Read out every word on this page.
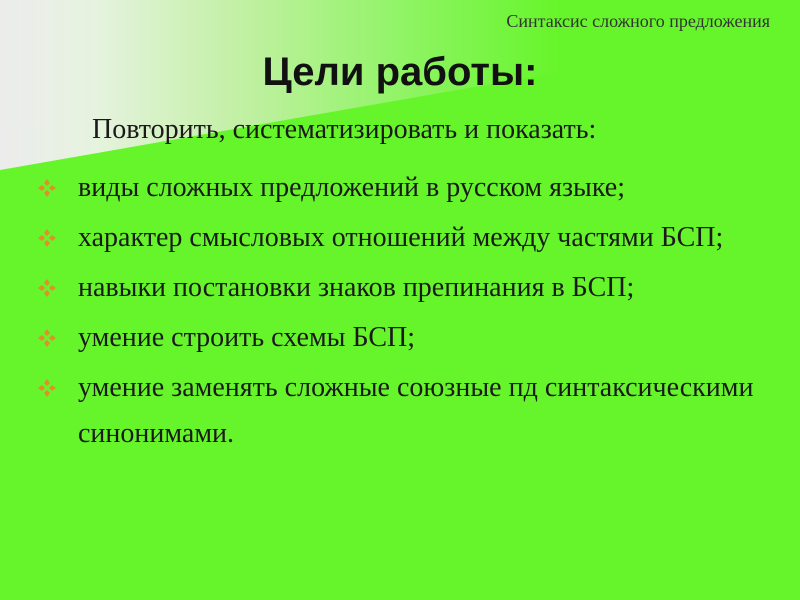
Синтаксис сложного предложения
Цели работы:
Повторить, систематизировать и показать:
виды сложных предложений в русском языке;
характер смысловых отношений между частями БСП;
навыки постановки знаков препинания в БСП;
умение строить схемы БСП;
умение заменять сложные союзные пд синтаксическими синонимами.
